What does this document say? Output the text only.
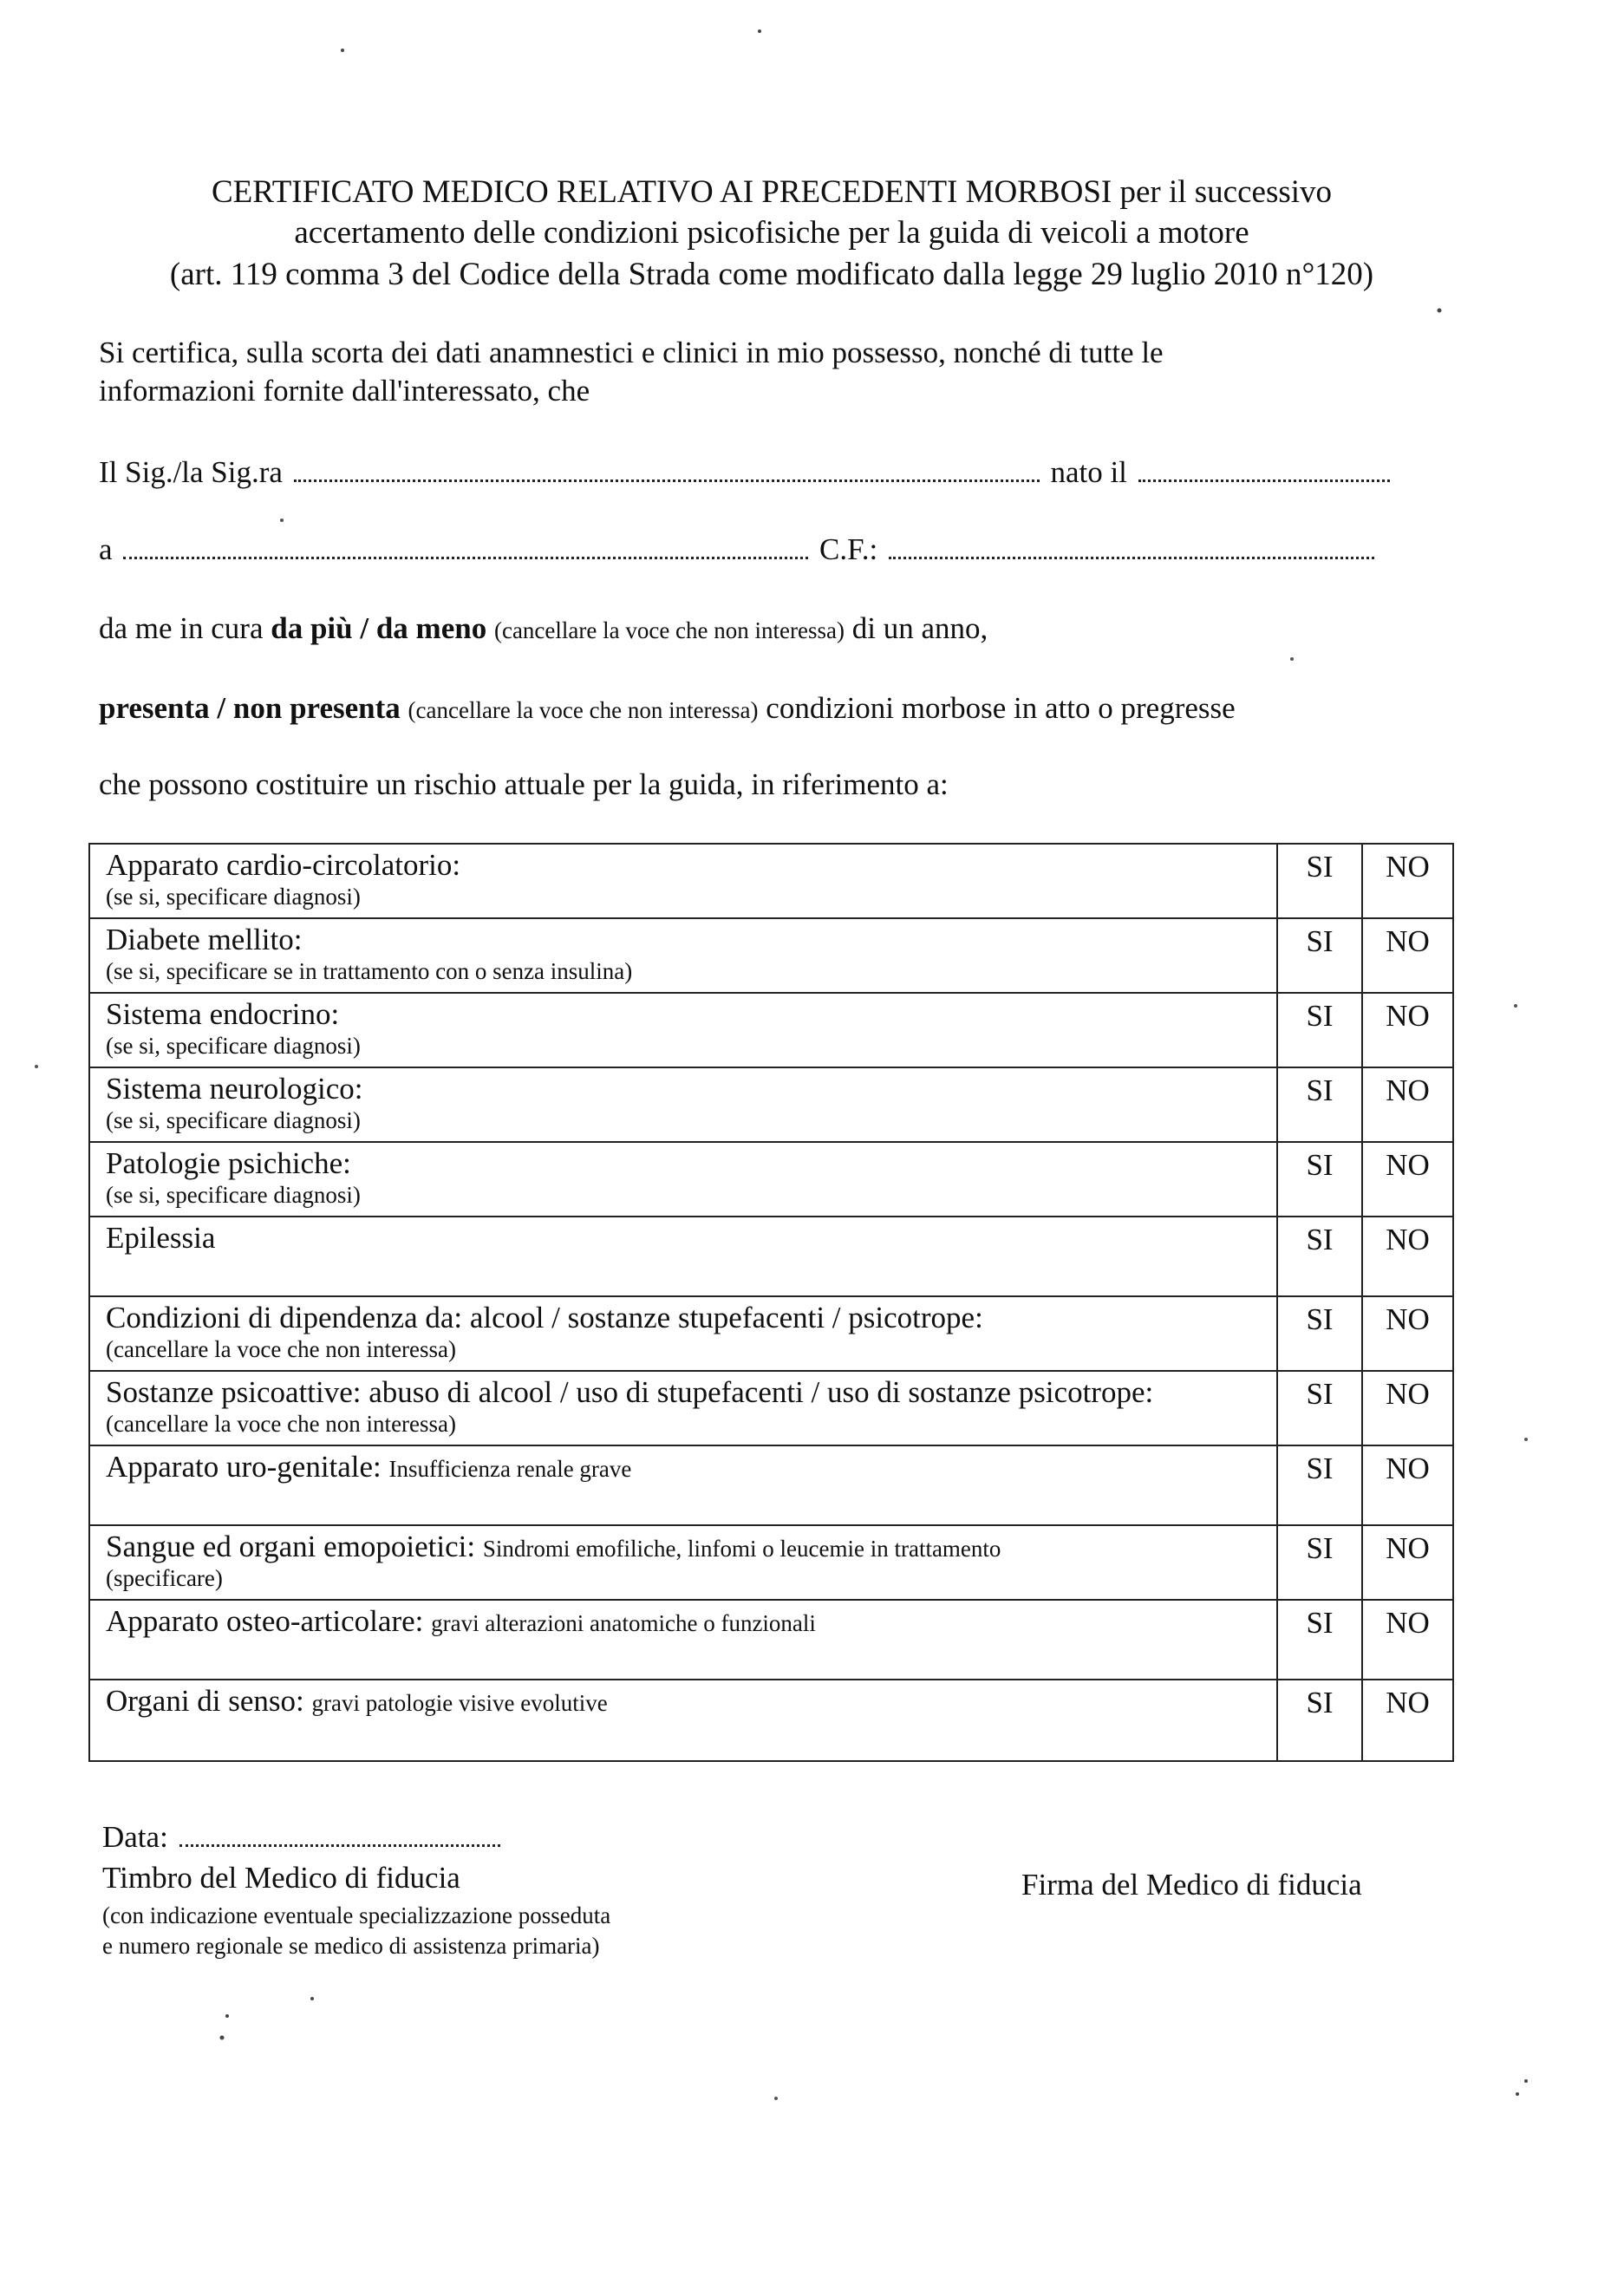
CERTIFICATO MEDICO RELATIVO AI PRECEDENTI MORBOSI per il successivo
accertamento delle condizioni psicofisiche per la guida di veicoli a motore
(art. 119 comma 3 del Codice della Strada come modificato dalla legge 29 luglio 2010 n°120)
Si certifica, sulla scorta dei dati anamnestici e clinici in mio possesso, nonché di tutte le
informazioni fornite dall'interessato, che
Il Sig./la Sig.ra	nato il
a	C.F.:
da me in cura da più / da meno (cancellare la voce che non interessa) di un anno,
presenta / non presenta (cancellare la voce che non interessa) condizioni morbose in atto o pregresse
che possono costituire un rischio attuale per la guida, in riferimento a:
Apparato cardio-circolatorio:
(se si, specificare diagnosi)	SI	NO

Diabete mellito:
(se si, specificare se in trattamento con o senza insulina)	SI	NO

Sistema endocrino:
(se si, specificare diagnosi)	SI	NO

Sistema neurologico:
(se si, specificare diagnosi)	SI	NO

Patologie psichiche:
(se si, specificare diagnosi)	SI	NO

Epilessia	SI	NO

Condizioni di dipendenza da: alcool / sostanze stupefacenti / psicotrope:
(cancellare la voce che non interessa)	SI	NO

Sostanze psicoattive: abuso di alcool / uso di stupefacenti / uso di sostanze psicotrope:
(cancellare la voce che non interessa)	SI	NO

Apparato uro-genitale: Insufficienza renale grave	SI	NO

Sangue ed organi emopoietici: Sindromi emofiliche, linfomi o leucemie in trattamento
(specificare)	SI	NO

Apparato osteo-articolare: gravi alterazioni anatomiche o funzionali	SI	NO

Organi di senso: gravi patologie visive evolutive	SI	NO
Data:
Timbro del Medico di fiducia
(con indicazione eventuale specializzazione posseduta
e numero regionale se medico di assistenza primaria)
Firma del Medico di fiducia
